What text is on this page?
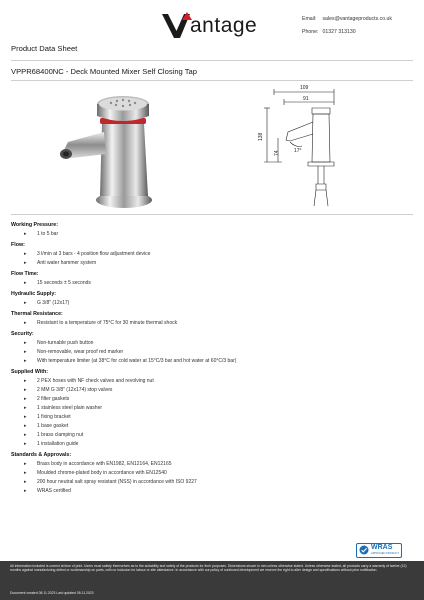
antage	Email: sales@vantageproducts.co.uk
Phone: 01327 313130
Product Data Sheet
VPPR68400NC - Deck Mounted Mixer Self Closing Tap
109
91
138
74	17°

Working Pressure:

▸ 1 to 5 bar

Flow:

▸ 3 l/min at 3 bars - 4 position flow adjustment device
▸ Anti water hammer system

Flow Time:

▸ 15 seconds ± 5 seconds

Hydraulic Supply:

▸ G 3/8" (12x17)

Thermal Resistance:

▸ Resistant to a temperature of 75°C for 30 minute thermal shock

Security:

▸ Non-turnable push button
▸ Non-removable, wear proof red marker
▸ With temperature limiter (at 38°C for cold water at 15°C/3 bar and hot water at 60°C/3 bar)

Supplied With:

▸ 2 PEX hoses with NF check valves and revolving nut
▸ 2 MM G 3/8" (12x174) stop valves
▸ 2 filter gaskets
▸ 1 stainless steel plain washer
▸ 1 fixing bracket
▸ 1 base gasket
▸ 1 brass clamping nut
▸ 1 installation guide

Standards & Approvals:

▸ Brass body in accordance with EN1982, EN12164, EN12165
▸ Moulded chrome-plated body in accordance with EN12540
▸ 200 hour neutral salt spray resistant (NSS) in accordance with ISO 9227
▸ WRAS certified
WRAS
APPROVED PRODUCT
All information included is correct at time of print. Users must satisfy themselves as to the suitability and safety of the products for their purposes. Dimensions shown in mm unless otherwise stated. Unless otherwise stated, all products carry a warranty of twelve (12) months against manufacturing defect or workmanship on parts, with no inclusion for labour or site attendance. In accordance with our policy of continued development we reserve the right to alter design and specifications without prior notification.
Document created 08.11.2023 Last updated 08.11.2023
